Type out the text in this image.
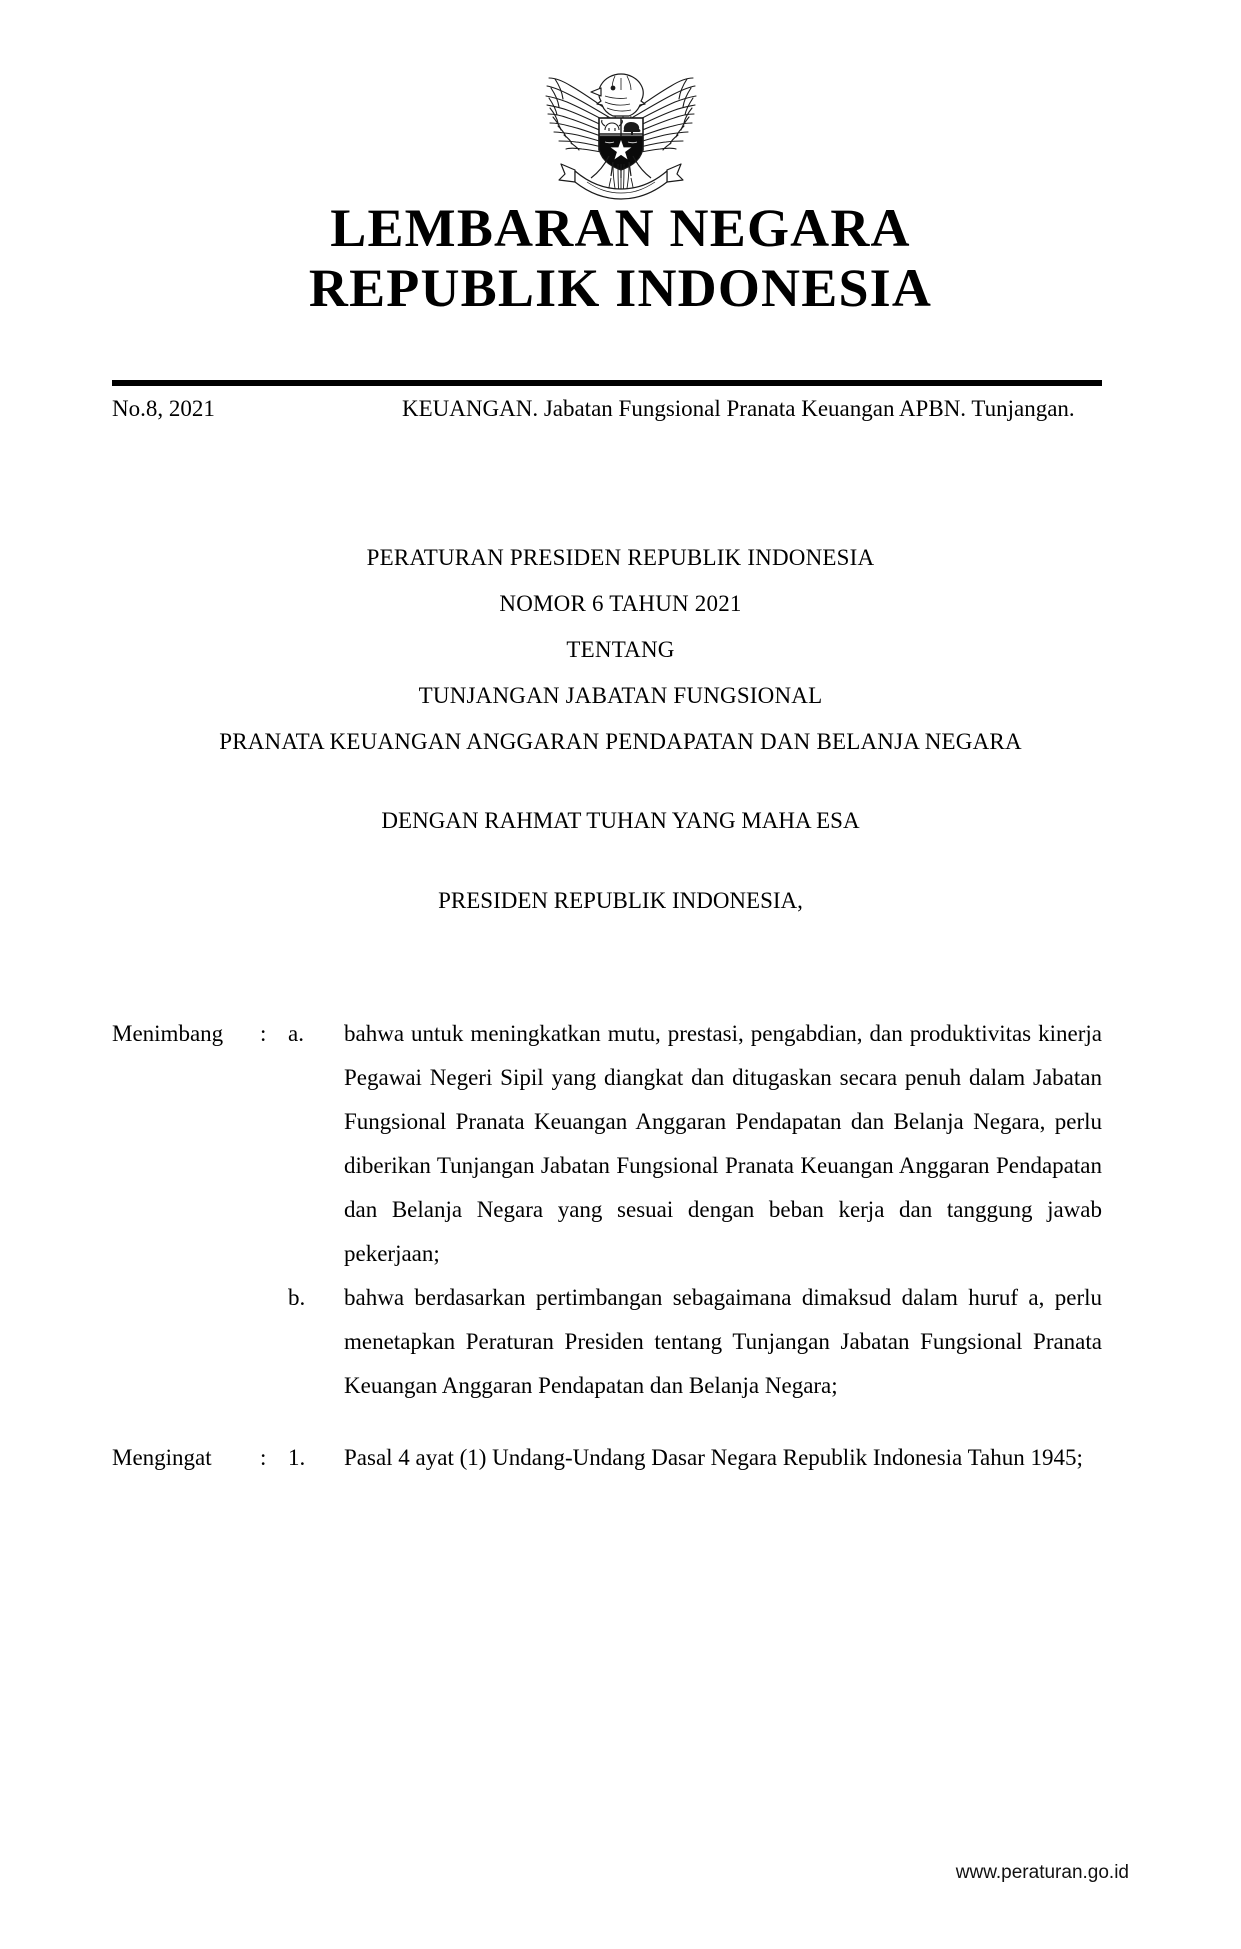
LEMBARAN NEGARA
REPUBLIK INDONESIA
No.8, 2021	KEUANGAN. Jabatan Fungsional Pranata Keuangan APBN. Tunjangan.
PERATURAN PRESIDEN REPUBLIK INDONESIA
NOMOR 6 TAHUN 2021
TENTANG
TUNJANGAN JABATAN FUNGSIONAL
PRANATA KEUANGAN ANGGARAN PENDAPATAN DAN BELANJA NEGARA
DENGAN RAHMAT TUHAN YANG MAHA ESA
PRESIDEN REPUBLIK INDONESIA,
Menimbang	: a.	bahwa untuk meningkatkan mutu, prestasi, pengabdian, dan produktivitas kinerja Pegawai Negeri Sipil yang diangkat dan ditugaskan secara penuh dalam Jabatan Fungsional Pranata Keuangan Anggaran Pendapatan dan Belanja Negara, perlu diberikan Tunjangan Jabatan Fungsional Pranata Keuangan Anggaran Pendapatan dan Belanja Negara yang sesuai dengan beban kerja dan tanggung jawab pekerjaan;
b.	bahwa berdasarkan pertimbangan sebagaimana dimaksud dalam huruf a, perlu menetapkan Peraturan Presiden tentang Tunjangan Jabatan Fungsional Pranata Keuangan Anggaran Pendapatan dan Belanja Negara;
Mengingat	: 1.	Pasal 4 ayat (1) Undang-Undang Dasar Negara Republik Indonesia Tahun 1945;
www.peraturan.go.id
